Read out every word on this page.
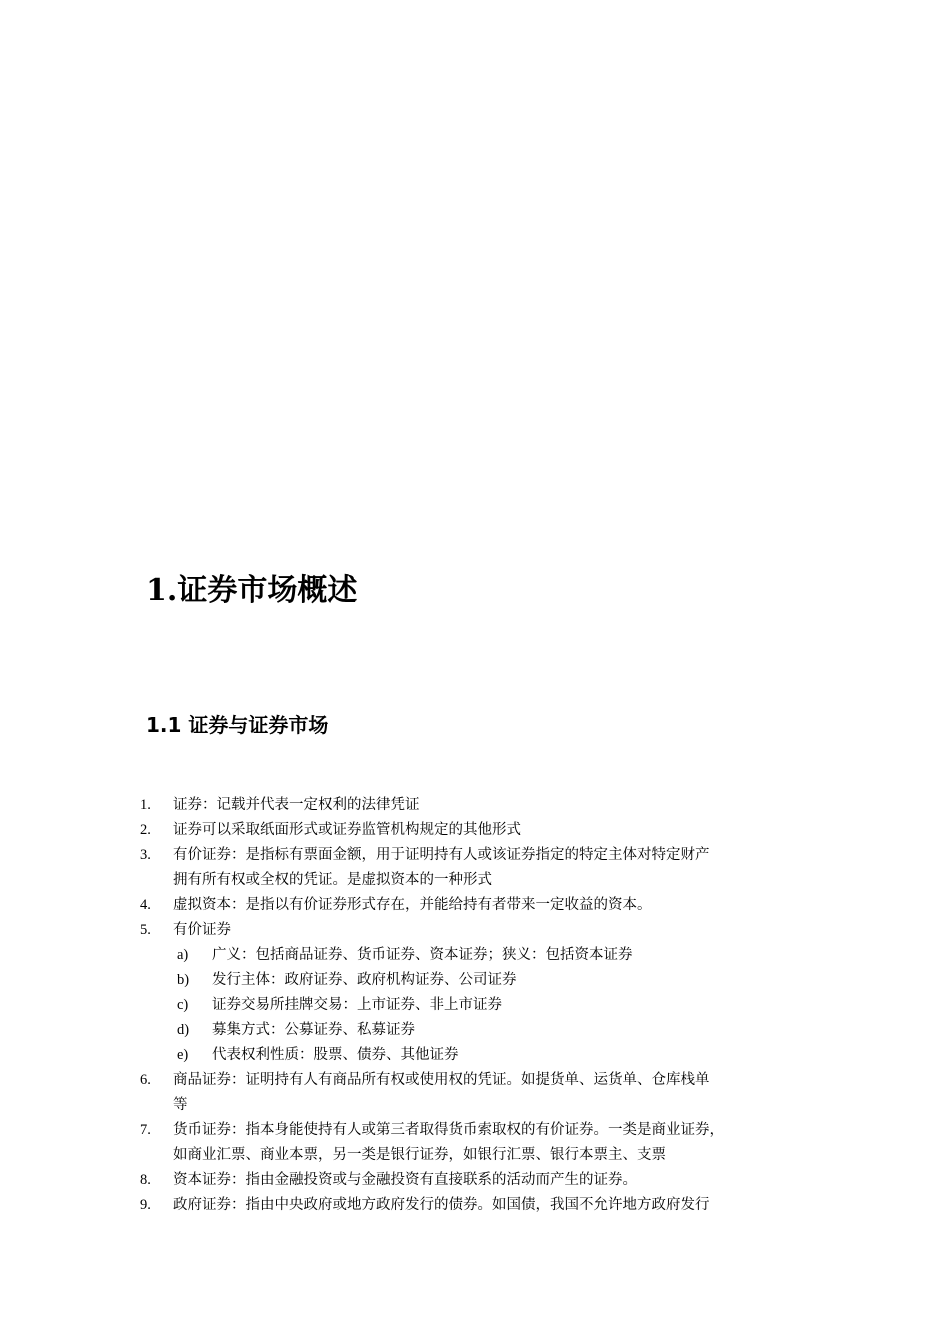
1.证券市场概述
1.1 证券与证券市场
1.	证券：记载并代表一定权利的法律凭证
2.	证券可以采取纸面形式或证券监管机构规定的其他形式
3.	有价证券：是指标有票面金额，用于证明持有人或该证券指定的特定主体对特定财产
拥有所有权或全权的凭证。是虚拟资本的一种形式
4.	虚拟资本：是指以有价证券形式存在，并能给持有者带来一定收益的资本。
5.	有价证券
a)	广义：包括商品证券、货币证券、资本证券；狭义：包括资本证券
b)	发行主体：政府证券、政府机构证券、公司证券
c)	证券交易所挂牌交易：上市证券、非上市证券
d)	募集方式：公募证券、私募证券
e)	代表权利性质：股票、债券、其他证券
6.	商品证券：证明持有人有商品所有权或使用权的凭证。如提货单、运货单、仓库栈单
等
7.	货币证券：指本身能使持有人或第三者取得货币索取权的有价证券。一类是商业证券，
如商业汇票、商业本票，另一类是银行证券，如银行汇票、银行本票主、支票
8.	资本证券：指由金融投资或与金融投资有直接联系的活动而产生的证券。
9.	政府证券：指由中央政府或地方政府发行的债券。如国债，我国不允许地方政府发行
